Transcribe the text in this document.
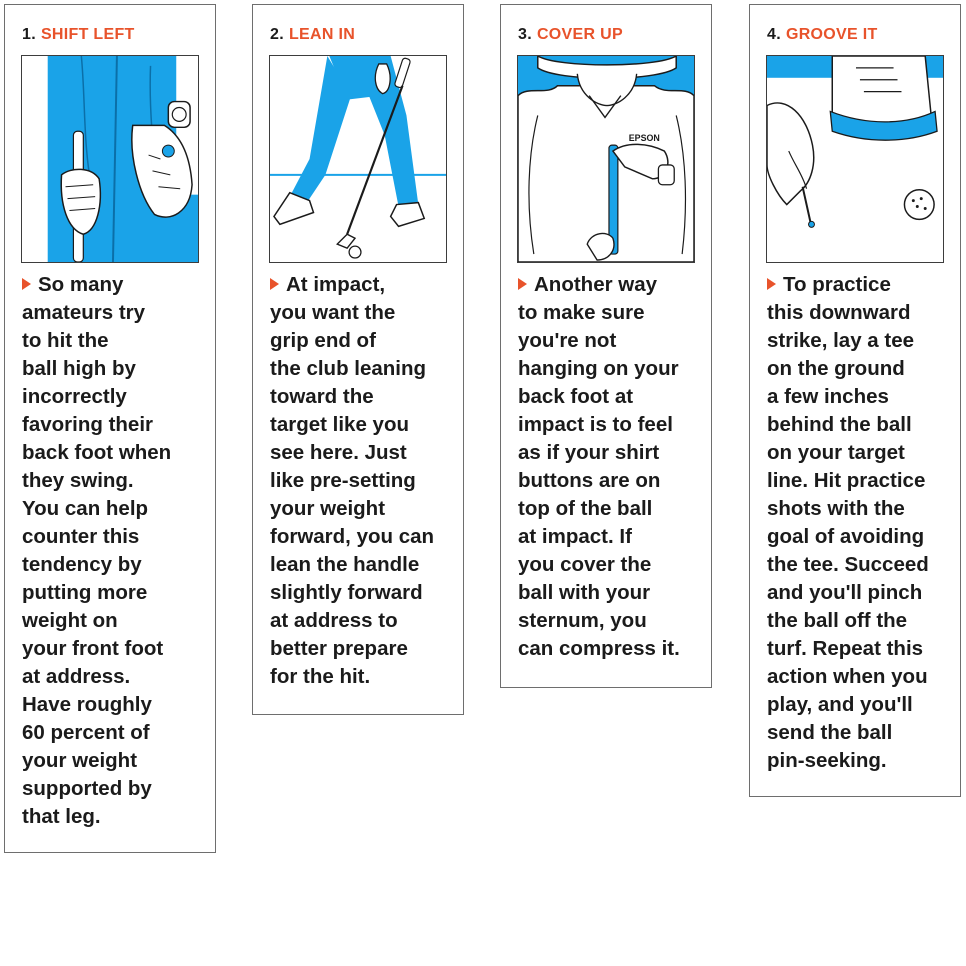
1. SHIFT LEFT

So many
amateurs try
to hit the
ball high by
incorrectly
favoring their
back foot when
they swing.
You can help
counter this
tendency by
putting more
weight on
your front foot
at address.
Have roughly
60 percent of
your weight
supported by
that leg.

2. LEAN IN

At impact,
you want the
grip end of
the club leaning
toward the
target like you
see here. Just
like pre-setting
your weight
forward, you can
lean the handle
slightly forward
at address to
better prepare
for the hit.

3. COVER UP
EPSON

Another way
to make sure
you're not
hanging on your
back foot at
impact is to feel
as if your shirt
buttons are on
top of the ball
at impact. If
you cover the
ball with your
sternum, you
can compress it.

4. GROOVE IT

To practice
this downward
strike, lay a tee
on the ground
a few inches
behind the ball
on your target
line. Hit practice
shots with the
goal of avoiding
the tee. Succeed
and you'll pinch
the ball off the
turf. Repeat this
action when you
play, and you'll
send the ball
pin-seeking.
